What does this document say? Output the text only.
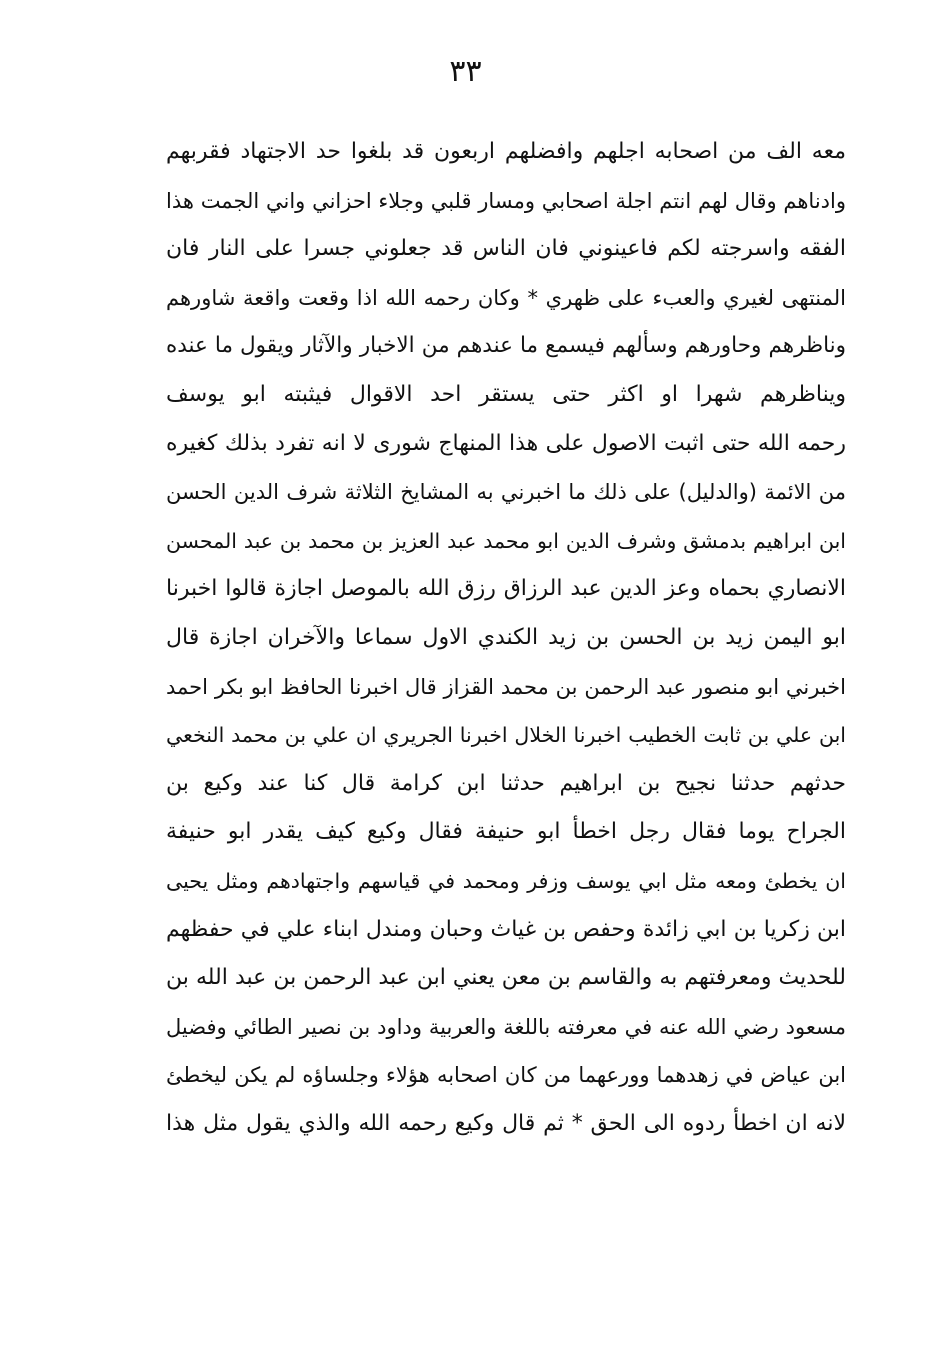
٣٣
معه الف من اصحابه اجلهم وافضلهم اربعون قد بلغوا حد الاجتهاد فقربهم
وادناهم وقال لهم انتم اجلة اصحابي ومسار قلبي وجلاء احزاني واني الجمت هذا
الفقه واسرجته لكم فاعينوني فان الناس قد جعلوني جسرا على النار فان
المنتهى لغيري والعبء على ظهري * وكان رحمه الله اذا وقعت واقعة شاورهم
وناظرهم وحاورهم وسألهم فيسمع ما عندهم من الاخبار والآثار ويقول ما عنده
ويناظرهم شهرا او اكثر حتى يستقر احد الاقوال فيثبته ابو يوسف
رحمه الله حتى اثبت الاصول على هذا المنهاج شورى لا انه تفرد بذلك كغيره
من الائمة (والدليل) على ذلك ما اخبرني به المشايخ الثلاثة شرف الدين الحسن
ابن ابراهيم بدمشق وشرف الدين ابو محمد عبد العزيز بن محمد بن عبد المحسن
الانصاري بحماه وعز الدين عبد الرزاق رزق الله بالموصل اجازة قالوا اخبرنا
ابو اليمن زيد بن الحسن بن زيد الكندي الاول سماعا والآخران اجازة قال
اخبرني ابو منصور عبد الرحمن بن محمد القزاز قال اخبرنا الحافظ ابو بكر احمد
ابن علي بن ثابت الخطيب اخبرنا الخلال اخبرنا الجريري ان علي بن محمد النخعي
حدثهم حدثنا نجيح بن ابراهيم حدثنا ابن كرامة قال كنا عند وكيع بن
الجراح يوما فقال رجل اخطأ ابو حنيفة فقال وكيع كيف يقدر ابو حنيفة
ان يخطئ ومعه مثل ابي يوسف وزفر ومحمد في قياسهم واجتهادهم ومثل يحيى
ابن زكريا بن ابي زائدة وحفص بن غياث وحبان ومندل ابناء علي في حفظهم
للحديث ومعرفتهم به والقاسم بن معن يعني ابن عبد الرحمن بن عبد الله بن
مسعود رضي الله عنه في معرفته باللغة والعربية وداود بن نصير الطائي وفضيل
ابن عياض في زهدهما وورعهما من كان اصحابه هؤلاء وجلساؤه لم يكن ليخطئ
لانه ان اخطأ ردوه الى الحق * ثم قال وكيع رحمه الله والذي يقول مثل هذا
